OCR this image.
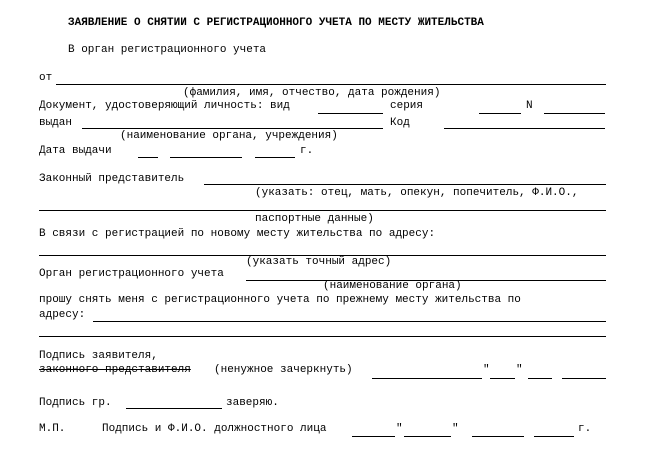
ЗАЯВЛЕНИЕ О СНЯТИИ С РЕГИСТРАЦИОННОГО УЧЕТА ПО МЕСТУ ЖИТЕЛЬСТВА
В орган регистрационного учета
от
(фамилия, имя, отчество, дата рождения)
Документ, удостоверяющий личность: вид	серия	N
выдан	Код
(наименование органа, учреждения)
Дата выдачи	г.
Законный представитель
(указать: отец, мать, опекун, попечитель, Ф.И.О.,
паспортные данные)
В связи с регистрацией по новому месту жительства по адресу:
(указать точный адрес)
Орган регистрационного учета
(наименование органа)
прошу снять меня с регистрационного учета по прежнему месту жительства по
адресу:
Подпись заявителя,
законного представителя (ненужное зачеркнуть)	" "
Подпись гр.	заверяю.
М.П.	Подпись и Ф.И.О. должностного лица	"	"	г.
